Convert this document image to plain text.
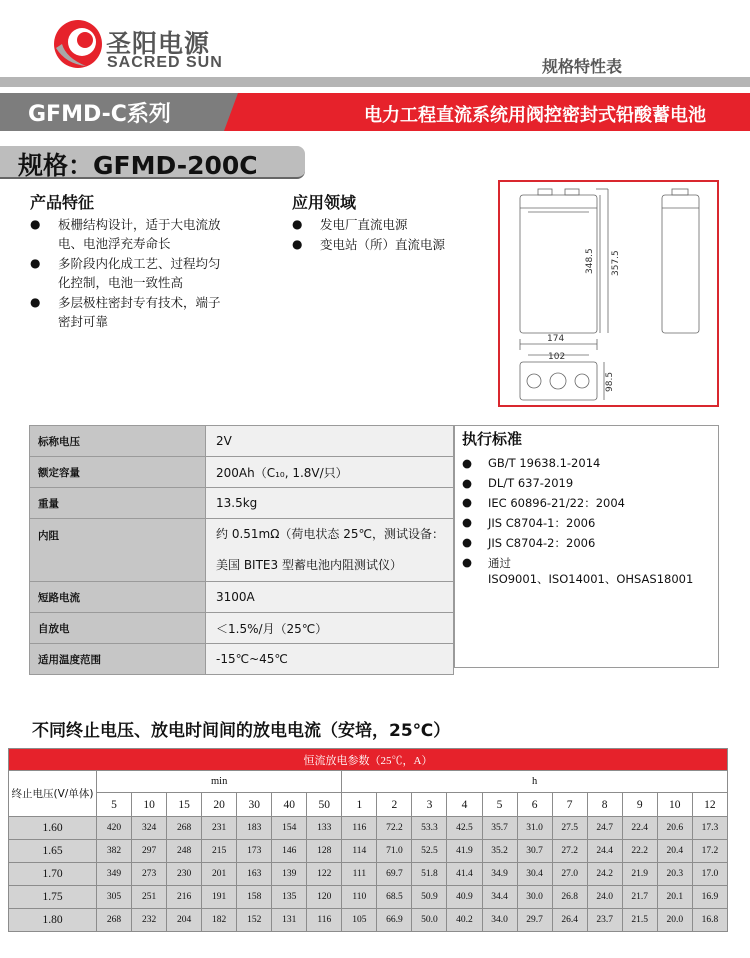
圣阳电源
SACRED SUN	规格特性表
GFMD-C系列	电力工程直流系统用阀控密封式铅酸蓄电池
规格：GFMD-200C
产品特征
●	板栅结构设计，适于大电流放
电、电池浮充寿命长
●	多阶段内化成工艺、过程均匀
化控制，电池一致性高
●	多层极柱密封专有技术，端子
密封可靠
应用领域
●	发电厂直流电源
●	变电站（所）直流电源
348.5 357.5
174
102
98.5
标称电压	2V
额定容量	200Ah（C₁₀, 1.8V/只）
重量	13.5kg
内阻	约 0.51mΩ（荷电状态 25℃，测试设备：
美国 BITE3 型蓄电池内阻测试仪）

短路电流	3100A
自放电	＜1.5%/月（25℃）
适用温度范围	-15℃~45℃
执行标准
●	GB/T 19638.1-2014
●	DL/T 637-2019
●	IEC 60896-21/22：2004
●	JIS C8704-1：2006
●	JIS C8704-2：2006
●	通过
ISO9001、ISO14001、OHSAS18001
不同终止电压、放电时间间的放电电流（安培，25℃）
恒流放电参数（25℃，A）																		
终止电压(V/单体)	min							h										
	5	10	15	20	30	40	50	1	2	3	4	5	6	7	8	9	10	12
1.60	420	324	268	231	183	154	133	116	72.2	53.3	42.5	35.7	31.0	27.5	24.7	22.4	20.6	17.3
1.65	382	297	248	215	173	146	128	114	71.0	52.5	41.9	35.2	30.7	27.2	24.4	22.2	20.4	17.2
1.70	349	273	230	201	163	139	122	111	69.7	51.8	41.4	34.9	30.4	27.0	24.2	21.9	20.3	17.0
1.75	305	251	216	191	158	135	120	110	68.5	50.9	40.9	34.4	30.0	26.8	24.0	21.7	20.1	16.9
1.80	268	232	204	182	152	131	116	105	66.9	50.0	40.2	34.0	29.7	26.4	23.7	21.5	20.0	16.8
